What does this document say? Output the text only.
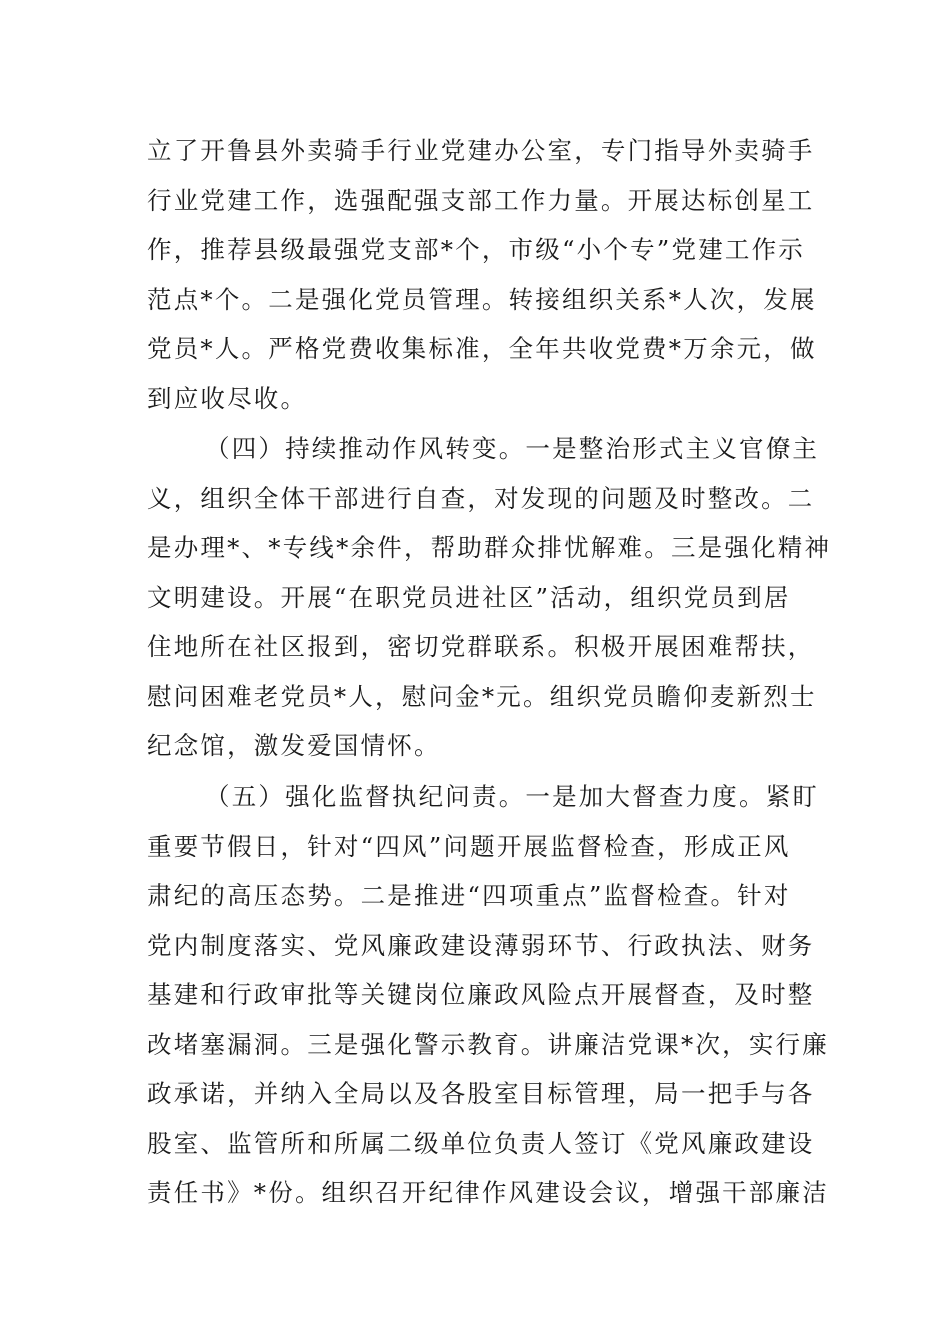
立了开鲁县外卖骑手行业党建办公室，专门指导外卖骑手
行业党建工作，选强配强支部工作力量。开展达标创星工
作，推荐县级最强党支部*个，市级“小个专”党建工作示
范点*个。二是强化党员管理。转接组织关系*人次，发展
党员*人。严格党费收集标准，全年共收党费*万余元，做
到应收尽收。
（四）持续推动作风转变。一是整治形式主义官僚主
义，组织全体干部进行自查，对发现的问题及时整改。二
是办理*、*专线*余件，帮助群众排忧解难。三是强化精神
文明建设。开展“在职党员进社区”活动，组织党员到居
住地所在社区报到，密切党群联系。积极开展困难帮扶，
慰问困难老党员*人，慰问金*元。组织党员瞻仰麦新烈士
纪念馆，激发爱国情怀。
（五）强化监督执纪问责。一是加大督查力度。紧盯
重要节假日，针对“四风”问题开展监督检查，形成正风
肃纪的高压态势。二是推进“四项重点”监督检查。针对
党内制度落实、党风廉政建设薄弱环节、行政执法、财务
基建和行政审批等关键岗位廉政风险点开展督查，及时整
改堵塞漏洞。三是强化警示教育。讲廉洁党课*次，实行廉
政承诺，并纳入全局以及各股室目标管理，局一把手与各
股室、监管所和所属二级单位负责人签订《党风廉政建设
责任书》*份。组织召开纪律作风建设会议，增强干部廉洁
